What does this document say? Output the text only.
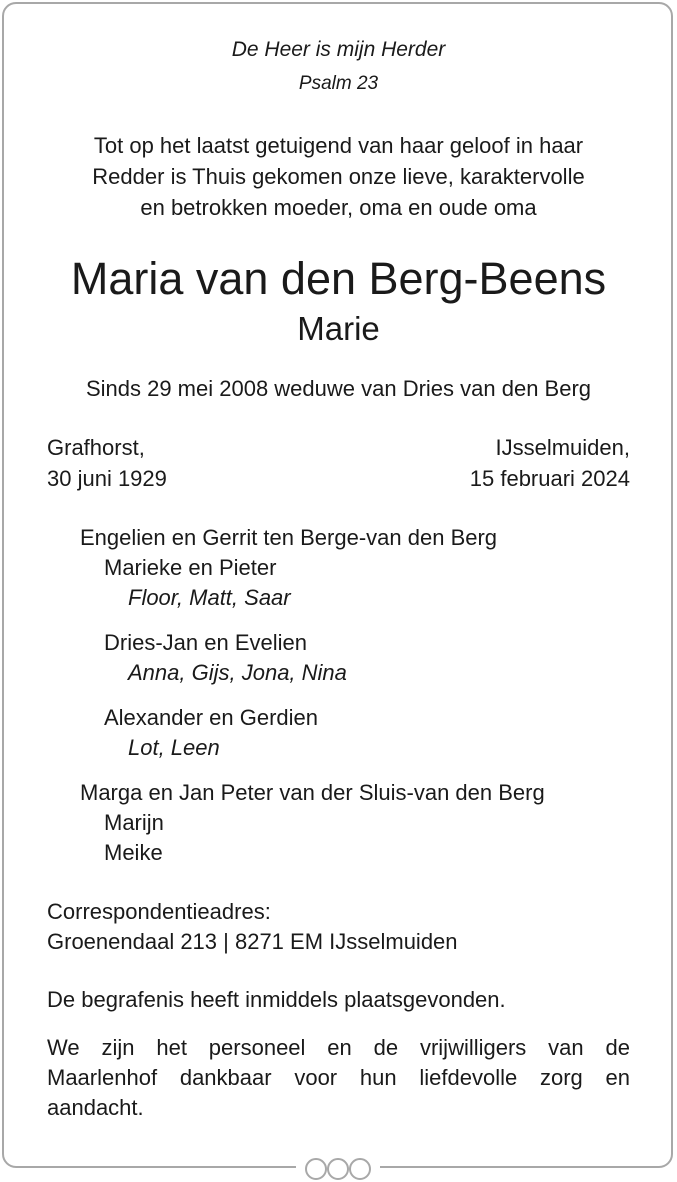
De Heer is mijn Herder
Psalm 23
Tot op het laatst getuigend van haar geloof in haar
Redder is Thuis gekomen onze lieve, karaktervolle
en betrokken moeder, oma en oude oma
Maria van den Berg-Beens
Marie
Sinds 29 mei 2008 weduwe van Dries van den Berg
Grafhorst,
30 juni 1929
IJsselmuiden,
15 februari 2024
Engelien en Gerrit ten Berge-van den Berg
Marieke en Pieter
Floor, Matt, Saar
Dries-Jan en Evelien
Anna, Gijs, Jona, Nina
Alexander en Gerdien
Lot, Leen
Marga en Jan Peter van der Sluis-van den Berg
Marijn
Meike
Correspondentieadres:
Groenendaal 213 | 8271 EM IJsselmuiden
De begrafenis heeft inmiddels plaatsgevonden.
We zijn het personeel en de vrijwilligers van de Maarlenhof dankbaar voor hun liefdevolle zorg en aandacht.
